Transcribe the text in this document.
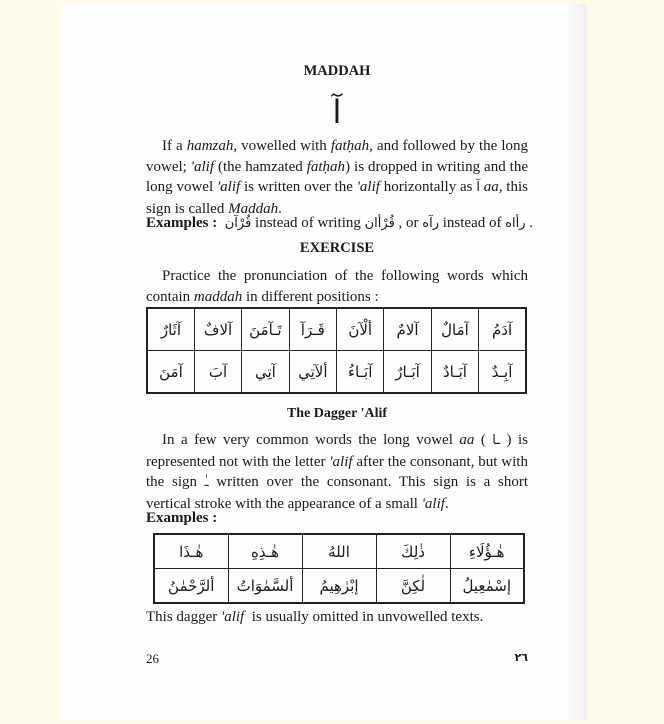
MADDAH
آ
If a hamzah, vowelled with fatḥah, and followed by the long vowel; 'alif (the hamzated fatḥah) is dropped in writing and the long vowel 'alif is written over the 'alif horizontally as آ aa, this sign is called Maddah.
Examples : قُرْآن instead of writing قُرْأان , or رآه instead of رأاه .
EXERCISE
Practice the pronunciation of the following words which contain maddah in different positions :
آثَارٌ	آلافٌ	تَـآمَنَ	قَـرَآ	ألْآنَ	آلامٌ	آمَالٌ	آدَمُ
آمَنَ	آبَ	آتِي	ألآتِي	آبَـاءُ	آبَـارٌ	آبَـادٌ	آبِـدٌ
The Dagger 'Alif
In a few very common words the long vowel aa ( ـا ) is represented not with the letter 'alif after the consonant, but with the sign ـٰ written over the consonant. This sign is a short vertical stroke with the appearance of a small 'alif.
Examples :
هٰـذَا	هٰـذِهِ	اللهُ	ذٰلِكَ	هٰـؤُلَاءِ
ألرَّحْمٰنُ	ألسَّمٰوَاتُ	إبْرٰهِيمُ	لٰكِنَّ	إسْمٰعِيلُ
This dagger 'alif  is usually omitted in unvowelled texts.
26	٢٦
